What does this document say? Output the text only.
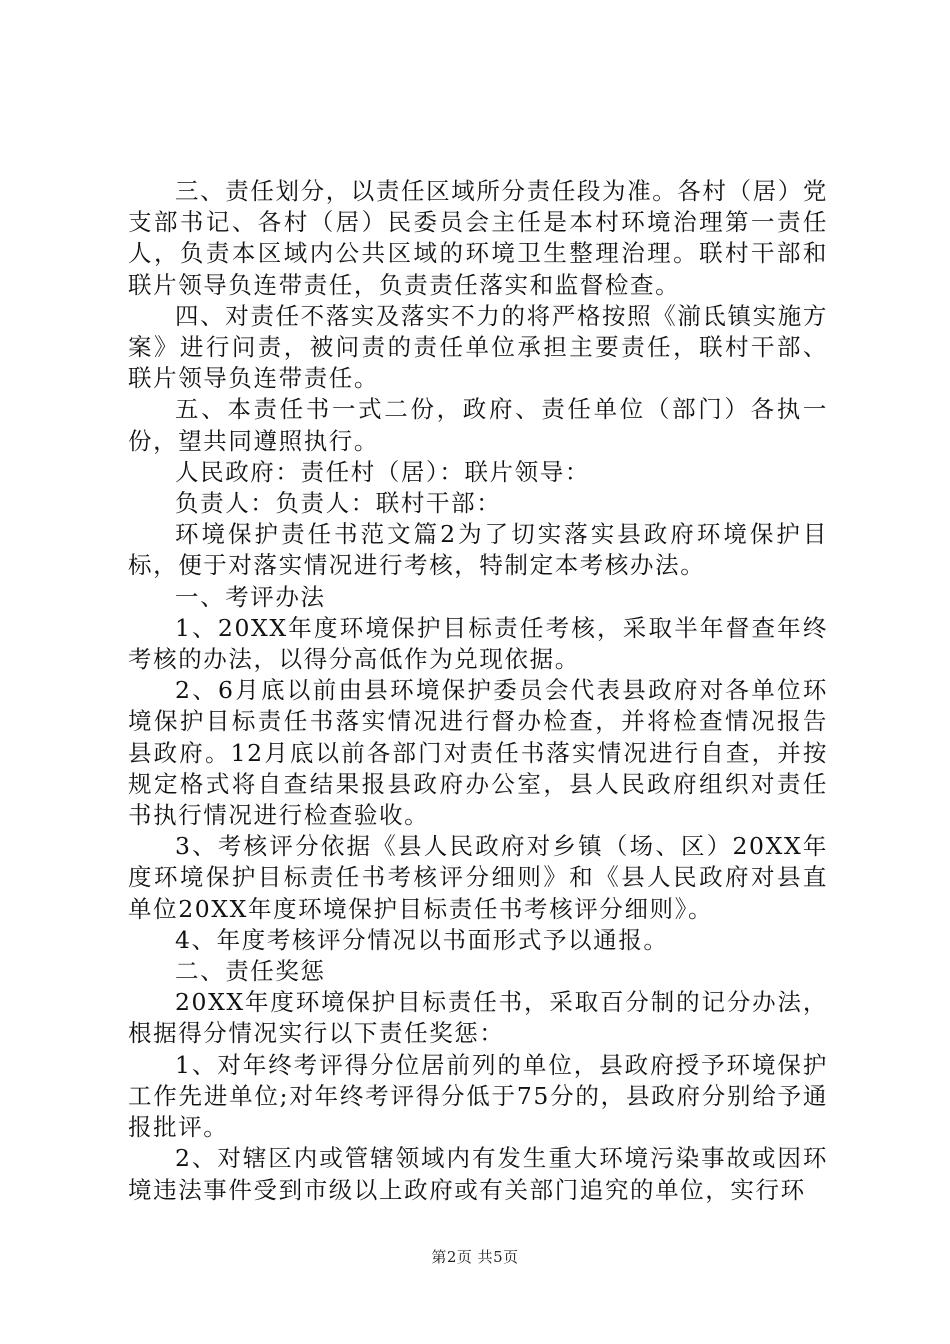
三、责任划分，以责任区域所分责任段为准。各村（居）党支部书记、各村（居）民委员会主任是本村环境治理第一责任人，负责本区域内公共区域的环境卫生整理治理。联村干部和联片领导负连带责任，负责责任落实和监督检查。

四、对责任不落实及落实不力的将严格按照《湔氐镇实施方案》进行问责，被问责的责任单位承担主要责任，联村干部、联片领导负连带责任。

五、本责任书一式二份，政府、责任单位（部门）各执一份，望共同遵照执行。

人民政府：责任村（居）：联片领导：

负责人：负责人：联村干部：

环境保护责任书范文篇2为了切实落实县政府环境保护目标，便于对落实情况进行考核，特制定本考核办法。

一、考评办法

1、20XX年度环境保护目标责任考核，采取半年督查年终考核的办法，以得分高低作为兑现依据。

2、6月底以前由县环境保护委员会代表县政府对各单位环境保护目标责任书落实情况进行督办检查，并将检查情况报告县政府。12月底以前各部门对责任书落实情况进行自查，并按规定格式将自查结果报县政府办公室，县人民政府组织对责任书执行情况进行检查验收。

3、考核评分依据《县人民政府对乡镇（场、区）20XX年度环境保护目标责任书考核评分细则》和《县人民政府对县直单位20XX年度环境保护目标责任书考核评分细则》。

4、年度考核评分情况以书面形式予以通报。

二、责任奖惩

20XX年度环境保护目标责任书，采取百分制的记分办法，根据得分情况实行以下责任奖惩：

1、对年终考评得分位居前列的单位，县政府授予环境保护工作先进单位;对年终考评得分低于75分的，县政府分别给予通报批评。

2、对辖区内或管辖领域内有发生重大环境污染事故或因环境违法事件受到市级以上政府或有关部门追究的单位，实行环

第2页 共5页
